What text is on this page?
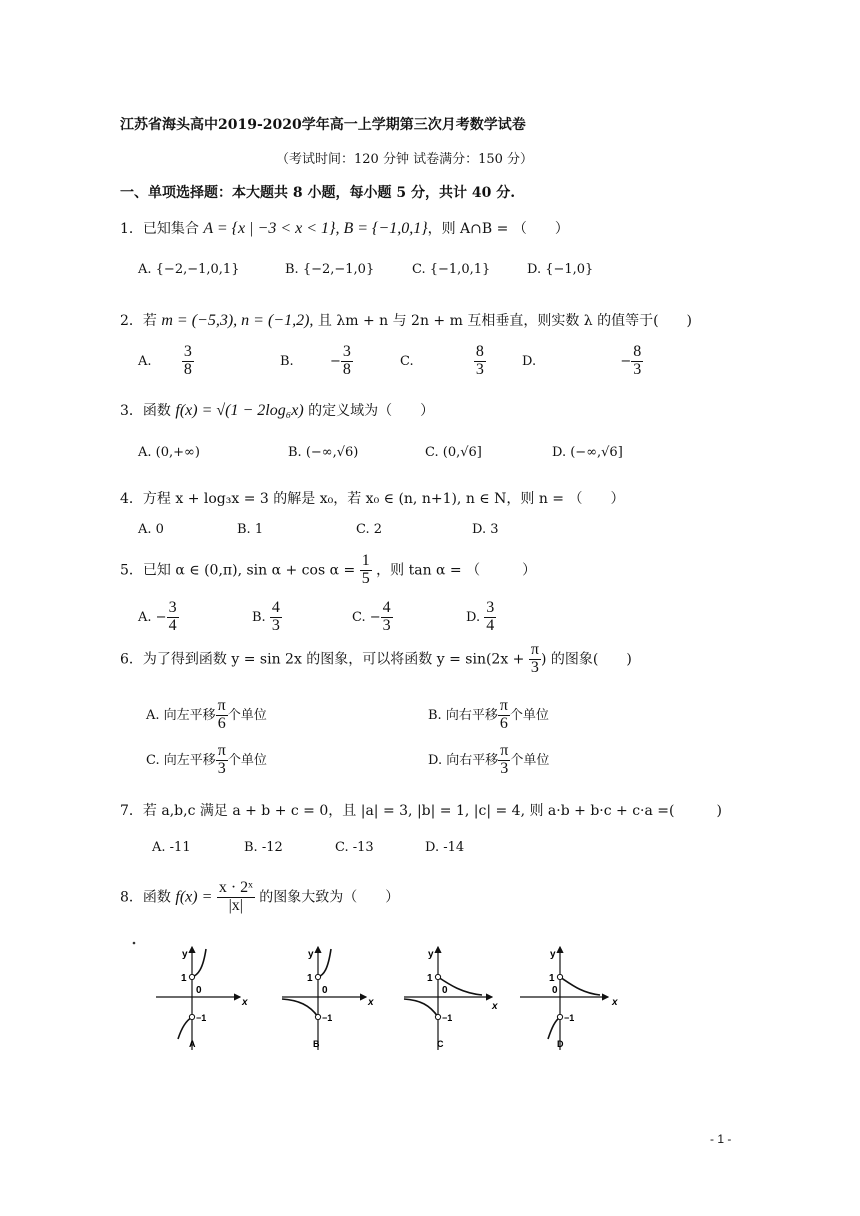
江苏省海头高中2019-2020学年高一上学期第三次月考数学试卷
（考试时间：120 分钟 试卷满分：150 分）
一、单项选择题：本大题共 8 小题，每小题 5 分，共计 40 分.
1．已知集合 A = {x | −3 < x < 1}, B = {−1,0,1}，则 A∩B = （　　）
A. {−2,−1,0,1}	B. {−2,−1,0}	C. {−1,0,1}	D. {−1,0}
2．若 m = (−5,3), n = (−1,2), 且 λm + n 与 2n + m 互相垂直，则实数 λ 的值等于(　　)
A. $\frac{3}{8}$	B.	− $\frac{3}{8}$	C.	$\frac{8}{3}$	D.	− $\frac{8}{3}$
3．函数 f(x) = √(1 − 2log₆x) 的定义域为（　　）
A. (0,+∞)	B. (−∞,√6)	C. (0,√6]	D. (−∞,√6]
4．方程 x + log₃x = 3 的解是 x₀，若 x₀ ∈ (n, n+1), n ∈ N，则 n = （　　）
A. 0	B. 1	C. 2	D. 3
5．已知 α ∈ (0,π), $\sin \alpha + \cos \alpha = \frac{1}{5}$ ，则 tan α = （　　　）
A. − $\frac{3}{4}$	B. $\frac{4}{3}$	C. − $\frac{4}{3}$	D. $\frac{3}{4}$
6．为了得到函数 y = sin 2x 的图象，可以将函数 $y = \sin(2x + \frac{\pi}{3}$ ) 的图象(　　)
A. 向左平移 $\frac{\pi}{6}$ 个单位	B. 向右平移 $\frac{\pi}{6}$ 个单位
C. 向左平移 $\frac{\pi}{3}$ 个单位	D. 向右平移 $\frac{\pi}{3}$ 个单位
7．若 a,b,c 满足 a + b + c = 0，且 |a| = 3, |b| = 1, |c| = 4, 则 a·b + b·c + c·a =(　　　)
A. -11	B. -12	C. -13	D. -14
8．函数 $f(x) = \frac{\text{x · 2ˣ}}{|x|}$ 的图象大致为（　　）
y
x
1
0
−1
A
y
x
1
0
−1
B
y
x
1
0
−1
C
y
x
1
0
−1
D
- 1 -
